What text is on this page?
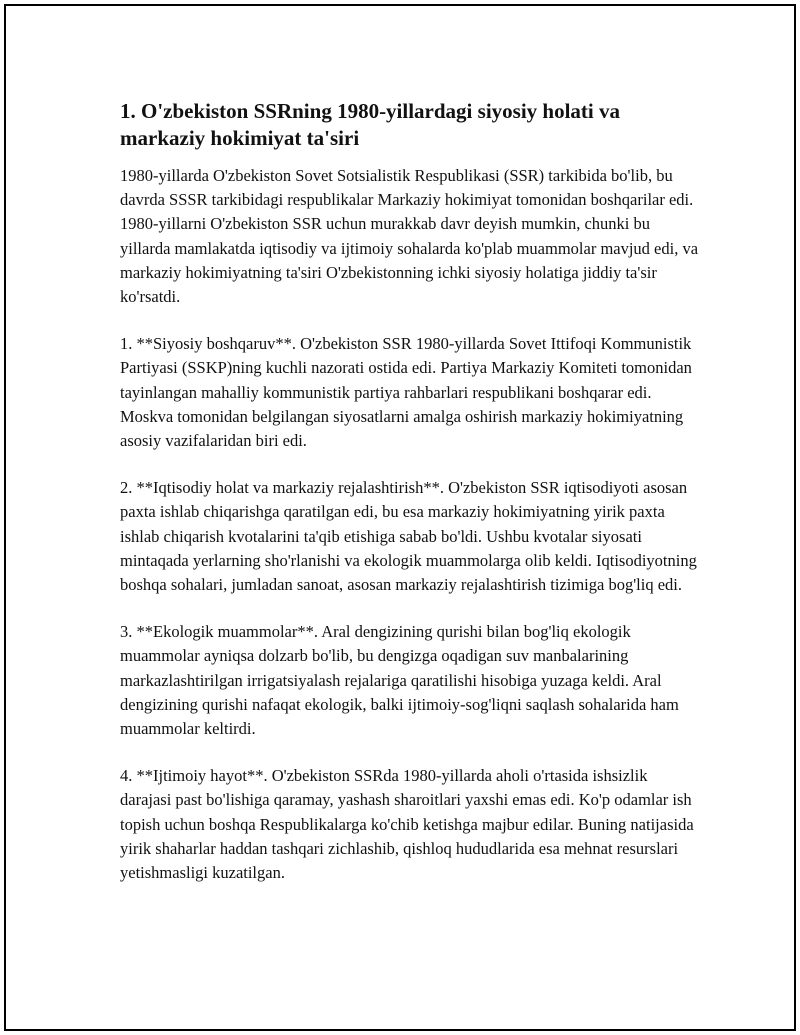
1. O'zbekiston SSRning 1980-yillardagi siyosiy holati va markaziy hokimiyat ta'siri

1980-yillarda O'zbekiston Sovet Sotsialistik Respublikasi (SSR) tarkibida bo'lib, bu davrda SSSR tarkibidagi respublikalar Markaziy hokimiyat tomonidan boshqarilar edi. 1980-yillarni O'zbekiston SSR uchun murakkab davr deyish mumkin, chunki bu yillarda mamlakatda iqtisodiy va ijtimoiy sohalarda ko'plab muammolar mavjud edi, va markaziy hokimiyatning ta'siri O'zbekistonning ichki siyosiy holatiga jiddiy ta'sir ko'rsatdi.

1. **Siyosiy boshqaruv**. O'zbekiston SSR 1980-yillarda Sovet Ittifoqi Kommunistik Partiyasi (SSKP)ning kuchli nazorati ostida edi. Partiya Markaziy Komiteti tomonidan tayinlangan mahalliy kommunistik partiya rahbarlari respublikani boshqarar edi. Moskva tomonidan belgilangan siyosatlarni amalga oshirish markaziy hokimiyatning asosiy vazifalaridan biri edi.

2. **Iqtisodiy holat va markaziy rejalashtirish**. O'zbekiston SSR iqtisodiyoti asosan paxta ishlab chiqarishga qaratilgan edi, bu esa markaziy hokimiyatning yirik paxta ishlab chiqarish kvotalarini ta'qib etishiga sabab bo'ldi. Ushbu kvotalar siyosati mintaqada yerlarning sho'rlanishi va ekologik muammolarga olib keldi. Iqtisodiyotning boshqa sohalari, jumladan sanoat, asosan markaziy rejalashtirish tizimiga bog'liq edi.

3. **Ekologik muammolar**. Aral dengizining qurishi bilan bog'liq ekologik muammolar ayniqsa dolzarb bo'lib, bu dengizga oqadigan suv manbalarining markazlashtirilgan irrigatsiyalash rejalariga qaratilishi hisobiga yuzaga keldi. Aral dengizining qurishi nafaqat ekologik, balki ijtimoiy-sog'liqni saqlash sohalarida ham muammolar keltirdi.

4. **Ijtimoiy hayot**. O'zbekiston SSRda 1980-yillarda aholi o'rtasida ishsizlik darajasi past bo'lishiga qaramay, yashash sharoitlari yaxshi emas edi. Ko'p odamlar ish topish uchun boshqa Respublikalarga ko'chib ketishga majbur edilar. Buning natijasida yirik shaharlar haddan tashqari zichlashib, qishloq hududlarida esa mehnat resurslari yetishmasligi kuzatilgan.
